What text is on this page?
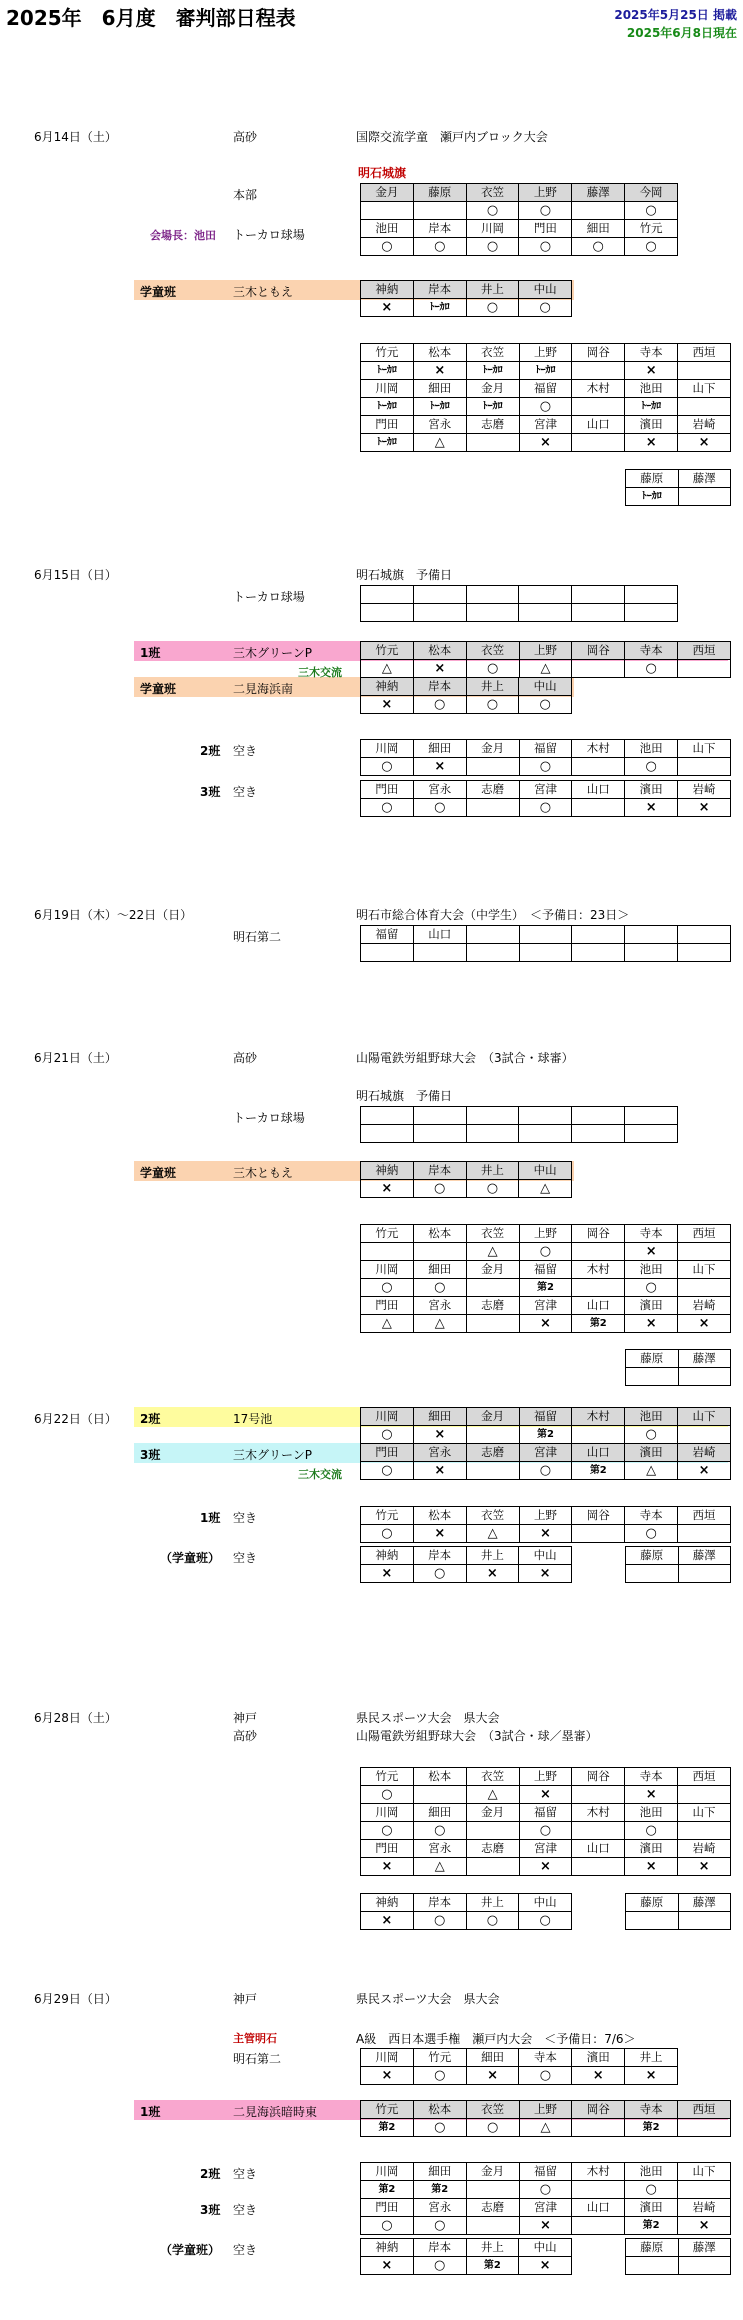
2025年　6月度　審判部日程表	2025年5月25日 掲載
2025年6月8日現在
6月14日（土）	高砂	国際交流学童　瀬戸内ブロック大会
明石城旗
本部
会場長：池田 トーカロ球場
学童班	三木ともえ
6月15日（日）	明石城旗　予備日
トーカロ球場
1班	三木グリーンP
三木交流
学童班	二見海浜南
2班 空き
3班 空き
6月19日（木）～22日（日）	明石市総合体育大会（中学生）　＜予備日：23日＞
明石第二
6月21日（土）	高砂	山陽電鉄労組野球大会　（3試合・球審）
明石城旗　予備日
トーカロ球場
学童班	三木ともえ
6月22日（日） 2班	17号池
3班	三木グリーンP
三木交流
1班 空き
（学童班） 空き
6月28日（土）	神戸	県民スポーツ大会　県大会
高砂	山陽電鉄労組野球大会　（3試合・球／塁審）
6月29日（日）	神戸	県民スポーツ大会　県大会
主管明石	A級　西日本選手権　瀬戸内大会　＜予備日：7/6＞
明石第二
1班	二見海浜暗時東
2班 空き
3班 空き
（学童班） 空き
金月	藤原	衣笠	上野	藤澤	今岡
		○	○		○
池田	岸本	川岡	門田	細田	竹元
○	○	○	○	○	○
神納	岸本	井上	中山
×	ﾄｰｶﾛ	○	○
竹元	松本	衣笠	上野	岡谷	寺本	西垣
ﾄｰｶﾛ	×	ﾄｰｶﾛ	ﾄｰｶﾛ		×	
川岡	細田	金月	福留	木村	池田	山下
ﾄｰｶﾛ	ﾄｰｶﾛ	ﾄｰｶﾛ	○		ﾄｰｶﾛ	
門田	宮永	志磨	宮津	山口	濱田	岩崎
ﾄｰｶﾛ	△		×		×	×
藤原	藤澤
ﾄｰｶﾛ	

竹元	松本	衣笠	上野	岡谷	寺本	西垣
△	×	○	△		○	
神納	岸本	井上	中山
×	○	○	○
川岡	細田	金月	福留	木村	池田	山下
○	×		○		○	
門田	宮永	志磨	宮津	山口	濱田	岩崎
○	○		○		×	×
福留	山口					

神納	岸本	井上	中山
×	○	○	△
竹元	松本	衣笠	上野	岡谷	寺本	西垣
		△	○		×	
川岡	細田	金月	福留	木村	池田	山下
○	○		第2		○	
門田	宮永	志磨	宮津	山口	濱田	岩崎
△	△		×	第2	×	×
藤原	藤澤

川岡	細田	金月	福留	木村	池田	山下
○	×		第2		○	
門田	宮永	志磨	宮津	山口	濱田	岩崎
○	×		○	第2	△	×
竹元	松本	衣笠	上野	岡谷	寺本	西垣
○	×	△	×		○	
神納	岸本	井上	中山
×	○	×	×
藤原	藤澤

竹元	松本	衣笠	上野	岡谷	寺本	西垣
○		△	×		×	
川岡	細田	金月	福留	木村	池田	山下
○	○		○		○	
門田	宮永	志磨	宮津	山口	濱田	岩崎
×	△		×		×	×
神納	岸本	井上	中山
×	○	○	○
藤原	藤澤

川岡	竹元	細田	寺本	濱田	井上
×	○	×	○	×	×
竹元	松本	衣笠	上野	岡谷	寺本	西垣
第2	○	○	△		第2	
川岡	細田	金月	福留	木村	池田	山下
第2	第2		○		○	
門田	宮永	志磨	宮津	山口	濱田	岩崎
○	○		×		第2	×
神納	岸本	井上	中山
×	○	第2	×
藤原	藤澤
